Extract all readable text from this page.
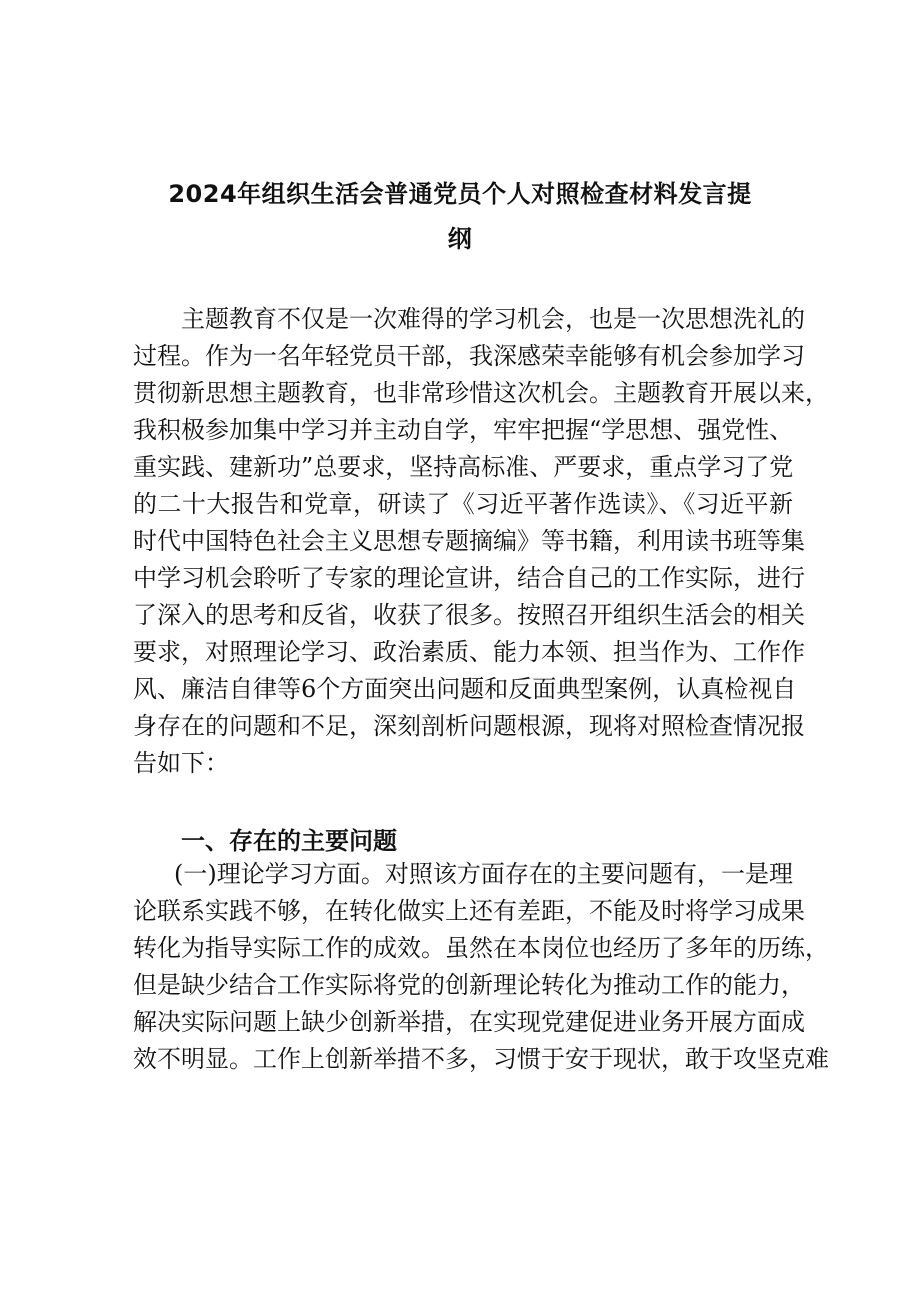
2024年组织生活会普通党员个人对照检查材料发言提
纲
主题教育不仅是一次难得的学习机会，也是一次思想洗礼的
过程。作为一名年轻党员干部，我深感荣幸能够有机会参加学习
贯彻新思想主题教育，也非常珍惜这次机会。主题教育开展以来，
我积极参加集中学习并主动自学，牢牢把握“学思想、强党性、
重实践、建新功”总要求，坚持高标准、严要求，重点学习了党
的二十大报告和党章，研读了《习近平著作选读》、《习近平新
时代中国特色社会主义思想专题摘编》等书籍，利用读书班等集
中学习机会聆听了专家的理论宣讲，结合自己的工作实际，进行
了深入的思考和反省，收获了很多。按照召开组织生活会的相关
要求，对照理论学习、政治素质、能力本领、担当作为、工作作
风、廉洁自律等6个方面突出问题和反面典型案例，认真检视自
身存在的问题和不足，深刻剖析问题根源，现将对照检查情况报
告如下：
一、存在的主要问题
(一)理论学习方面。对照该方面存在的主要问题有，一是理
论联系实践不够，在转化做实上还有差距，不能及时将学习成果
转化为指导实际工作的成效。虽然在本岗位也经历了多年的历练，
但是缺少结合工作实际将党的创新理论转化为推动工作的能力，
解决实际问题上缺少创新举措，在实现党建促进业务开展方面成
效不明显。工作上创新举措不多，习惯于安于现状，敢于攻坚克难
